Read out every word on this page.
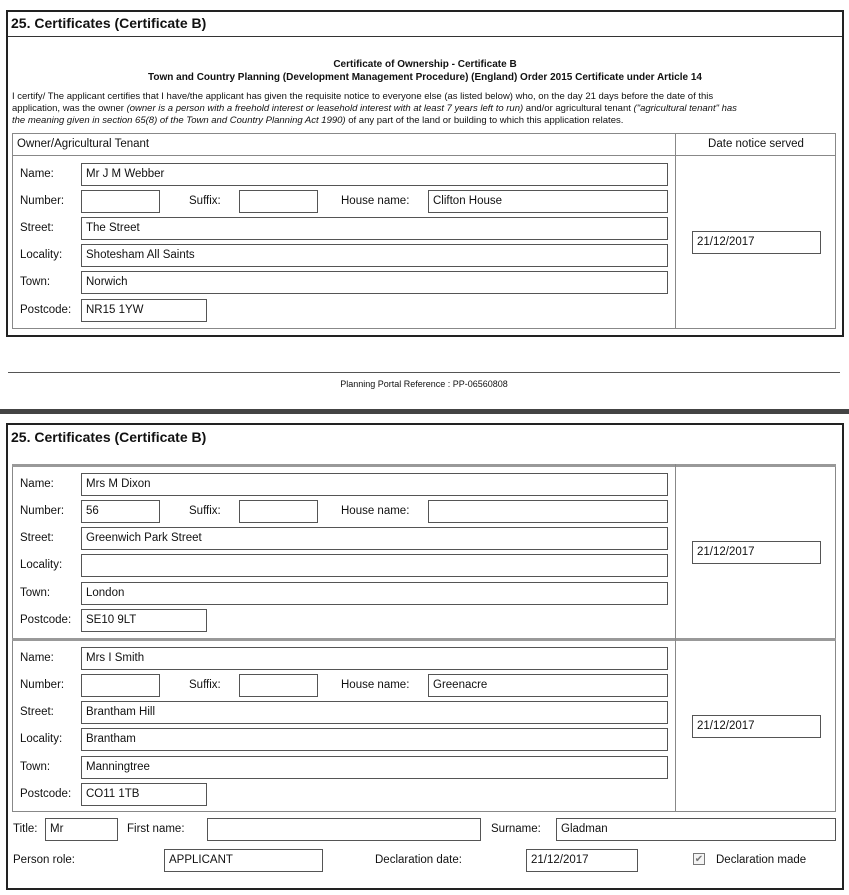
25. Certificates (Certificate B)
Certificate of Ownership - Certificate B
Town and Country Planning (Development Management Procedure) (England) Order 2015 Certificate under Article 14
I certify/ The applicant certifies that I have/the applicant has given the requisite notice to everyone else (as listed below) who, on the day 21 days before the date of this
application, was the owner (owner is a person with a freehold interest or leasehold interest with at least 7 years left to run) and/or agricultural tenant ("agricultural tenant" has
the meaning given in section 65(8) of the Town and Country Planning Act 1990) of any part of the land or building to which this application relates.
Owner/Agricultural Tenant	Date notice served
Name:	Mr J M Webber
Number:	Suffix:	House name:	Clifton House
Street:	The Street
Locality:	Shotesham All Saints
Town:	Norwich
Postcode:	NR15 1YW
21/12/2017
Planning Portal Reference : PP-06560808
25. Certificates (Certificate B)
Name:	Mrs M Dixon
Number:	56	Suffix:	House name:
Street:	Greenwich Park Street
Locality:
Town:	London
Postcode:	SE10 9LT
21/12/2017
Name:	Mrs I Smith
Number:	Suffix:	House name:	Greenacre
Street:	Brantham Hill
Locality:	Brantham
Town:	Manningtree
Postcode:	CO11 1TB
21/12/2017
Title:	Mr	First name:	Surname:	Gladman
Person role:	APPLICANT	Declaration date:	21/12/2017	✔ Declaration made
